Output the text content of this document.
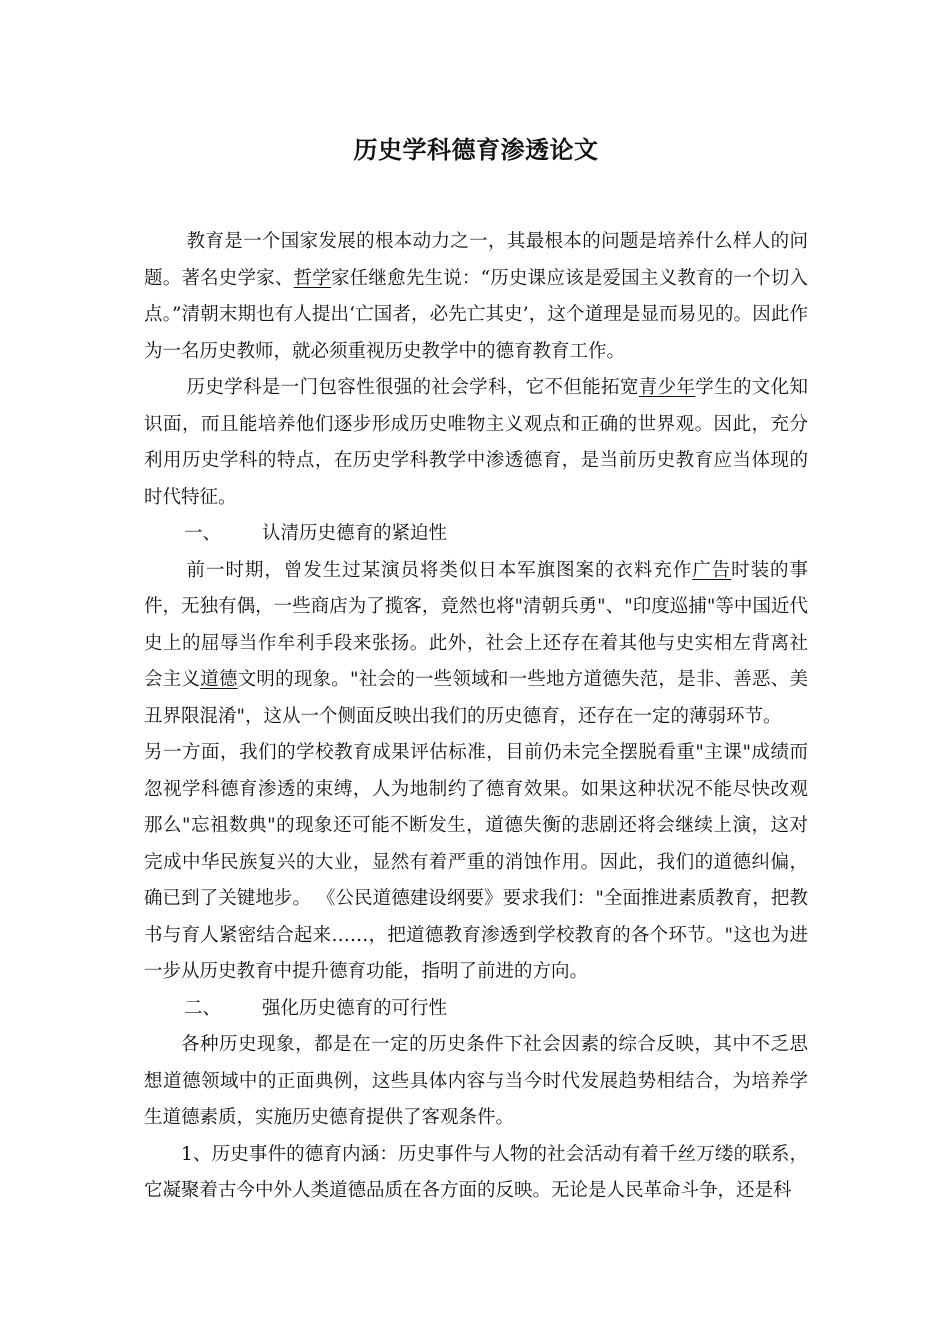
历史学科德育渗透论文

教育是一个国家发展的根本动力之一，其最根本的问题是培养什么样人的问题。著名史学家、哲学家任继愈先生说：“历史课应该是爱国主义教育的一个切入点。”清朝末期也有人提出‘亡国者，必先亡其史’，这个道理是显而易见的。因此作为一名历史教师，就必须重视历史教学中的德育教育工作。

历史学科是一门包容性很强的社会学科，它不但能拓宽青少年学生的文化知识面，而且能培养他们逐步形成历史唯物主义观点和正确的世界观。因此，充分利用历史学科的特点，在历史学科教学中渗透德育，是当前历史教育应当体现的时代特征。

一、 认清历史德育的紧迫性

前一时期，曾发生过某演员将类似日本军旗图案的衣料充作广告时装的事件，无独有偶，一些商店为了揽客，竟然也将"清朝兵勇"、"印度巡捕"等中国近代史上的屈辱当作牟利手段来张扬。此外，社会上还存在着其他与史实相左背离社会主义道德文明的现象。"社会的一些领域和一些地方道德失范，是非、善恶、美丑界限混淆"，这从一个侧面反映出我们的历史德育，还存在一定的薄弱环节。

另一方面，我们的学校教育成果评估标准，目前仍未完全摆脱看重"主课"成绩而忽视学科德育渗透的束缚，人为地制约了德育效果。如果这种状况不能尽快改观那么"忘祖数典"的现象还可能不断发生，道德失衡的悲剧还将会继续上演，这对完成中华民族复兴的大业，显然有着严重的消蚀作用。因此，我们的道德纠偏，确已到了关键地步。 《公民道德建设纲要》要求我们："全面推进素质教育，把教书与育人紧密结合起来……，把道德教育渗透到学校教育的各个环节。"这也为进一步从历史教育中提升德育功能，指明了前进的方向。

二、 强化历史德育的可行性

各种历史现象，都是在一定的历史条件下社会因素的综合反映，其中不乏思想道德领域中的正面典例，这些具体内容与当今时代发展趋势相结合，为培养学生道德素质，实施历史德育提供了客观条件。

1、历史事件的德育内涵：历史事件与人物的社会活动有着千丝万缕的联系，它凝聚着古今中外人类道德品质在各方面的反映。无论是人民革命斗争，还是科
